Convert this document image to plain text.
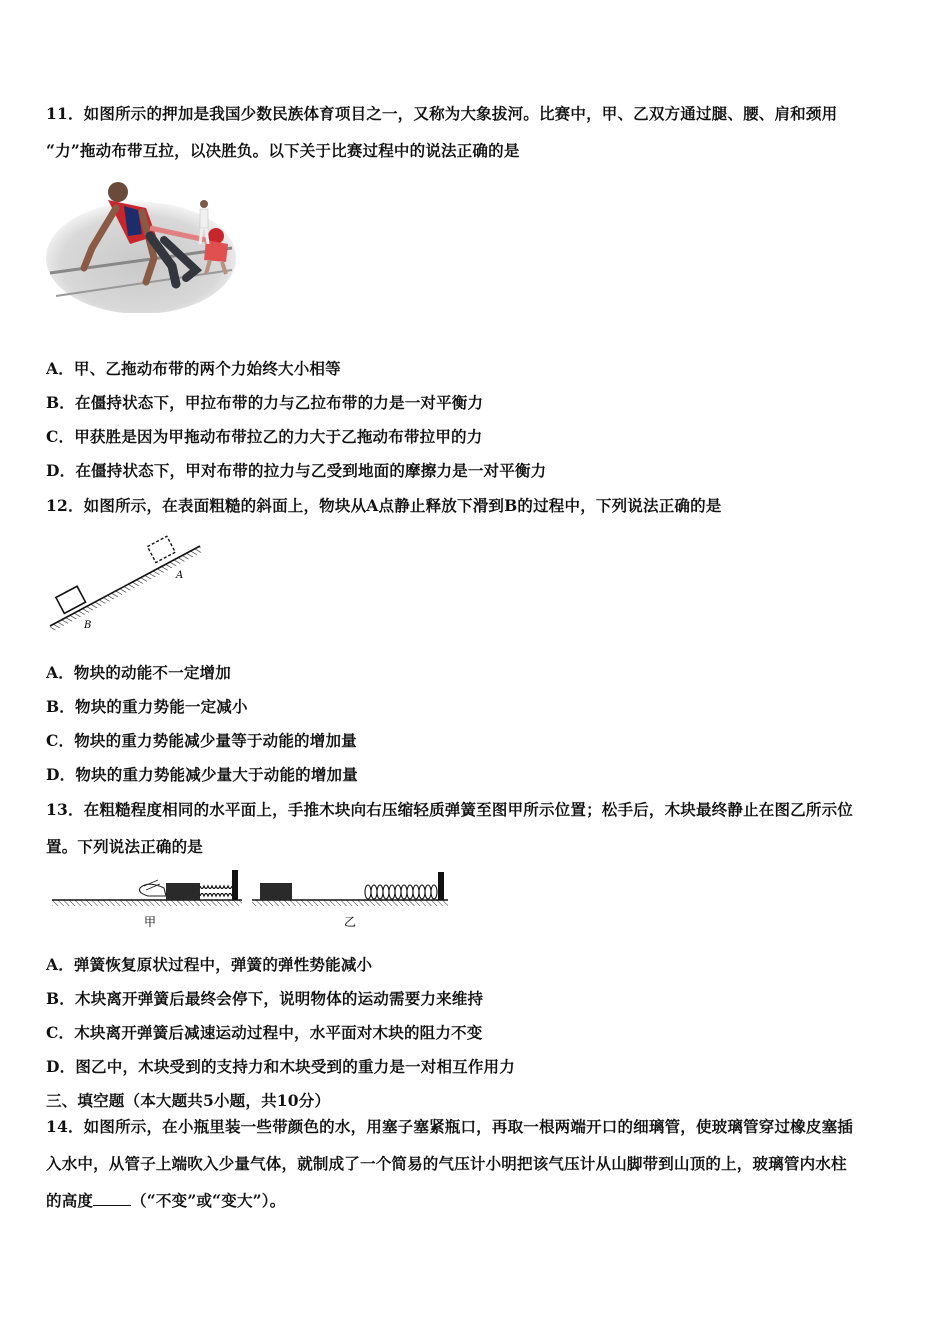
11．如图所示的押加是我国少数民族体育项目之一，又称为大象拔河。比赛中，甲、乙双方通过腿、腰、肩和颈用
“力”拖动布带互拉，以决胜负。以下关于比赛过程中的说法正确的是
A．甲、乙拖动布带的两个力始终大小相等
B．在僵持状态下，甲拉布带的力与乙拉布带的力是一对平衡力
C．甲获胜是因为甲拖动布带拉乙的力大于乙拖动布带拉甲的力
D．在僵持状态下，甲对布带的拉力与乙受到地面的摩擦力是一对平衡力
12．如图所示，在表面粗糙的斜面上，物块从A点静止释放下滑到B的过程中，下列说法正确的是
A
B
A．物块的动能不一定增加
B．物块的重力势能一定减小
C．物块的重力势能减少量等于动能的增加量
D．物块的重力势能减少量大于动能的增加量
13．在粗糙程度相同的水平面上，手推木块向右压缩轻质弹簧至图甲所示位置；松手后，木块最终静止在图乙所示位
置。下列说法正确的是
甲	乙
A．弹簧恢复原状过程中，弹簧的弹性势能减小
B．木块离开弹簧后最终会停下，说明物体的运动需要力来维持
C．木块离开弹簧后减速运动过程中，水平面对木块的阻力不变
D．图乙中，木块受到的支持力和木块受到的重力是一对相互作用力
三、填空题（本大题共5小题，共10分）
14．如图所示，在小瓶里装一些带颜色的水，用塞子塞紧瓶口，再取一根两端开口的细璃管，使玻璃管穿过橡皮塞插
入水中，从管子上端吹入少量气体，就制成了一个简易的气压计小明把该气压计从山脚带到山顶的上，玻璃管内水柱
的高度 （“不变”或“变大”）。
